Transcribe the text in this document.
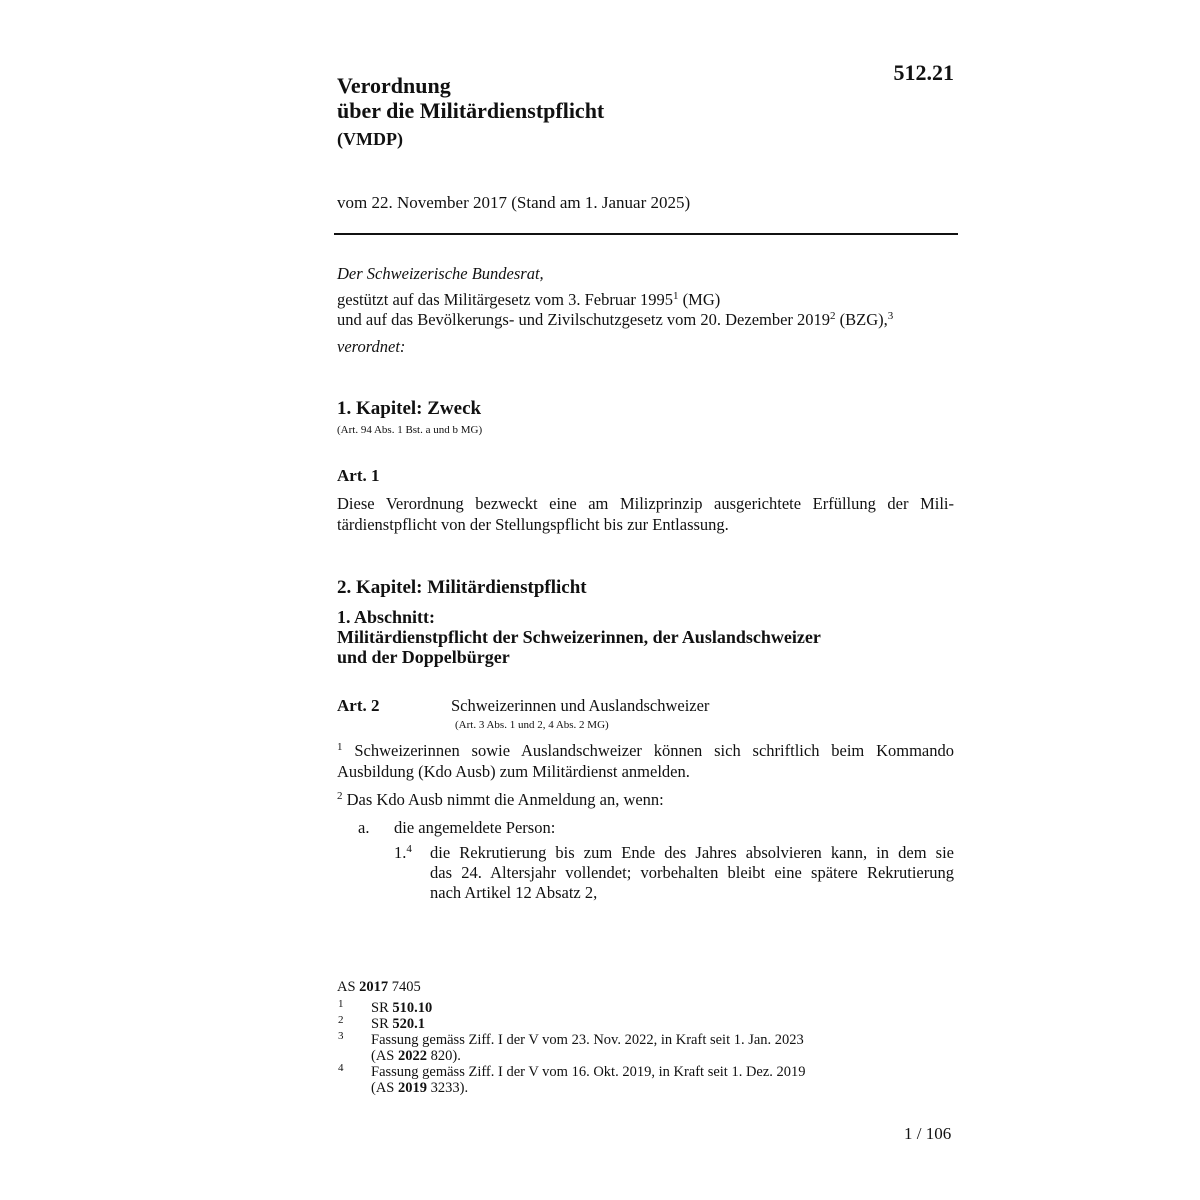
512.21
Verordnung
über die Militärdienstpflicht
(VMDP)
vom 22. November 2017 (Stand am 1. Januar 2025)
Der Schweizerische Bundesrat,
gestützt auf das Militärgesetz vom 3. Februar 1995$^1$ (MG)
und auf das Bevölkerungs- und Zivilschutzgesetz vom 20. Dezember 2019$^2$ (BZG),$^3$
verordnet:
1. Kapitel: Zweck
(Art. 94 Abs. 1 Bst. a und b MG)
Art. 1
Diese Verordnung bezweckt eine am Milizprinzip ausgerichtete Erfüllung der Mili-
tärdienstpflicht von der Stellungspflicht bis zur Entlassung.
2. Kapitel: Militärdienstpflicht
1. Abschnitt:
Militärdienstpflicht der Schweizerinnen, der Auslandschweizer
und der Doppelbürger
Art. 2	Schweizerinnen und Auslandschweizer
(Art. 3 Abs. 1 und 2, 4 Abs. 2 MG)
$^1$ Schweizerinnen sowie Auslandschweizer können sich schriftlich beim Kommando
Ausbildung (Kdo Ausb) zum Militärdienst anmelden.
$^2$ Das Kdo Ausb nimmt die Anmeldung an, wenn:
a. die angemeldete Person:
1.$^4$ die Rekrutierung bis zum Ende des Jahres absolvieren kann, in dem sie
das 24. Altersjahr vollendet; vorbehalten bleibt eine spätere Rekrutierung
nach Artikel 12 Absatz 2,
AS 2017 7405
1 SR 510.10
2 SR 520.1
3 Fassung gemäss Ziff. I der V vom 23. Nov. 2022, in Kraft seit 1. Jan. 2023
(AS 2022 820).
4 Fassung gemäss Ziff. I der V vom 16. Okt. 2019, in Kraft seit 1. Dez. 2019
(AS 2019 3233).
1 / 106
